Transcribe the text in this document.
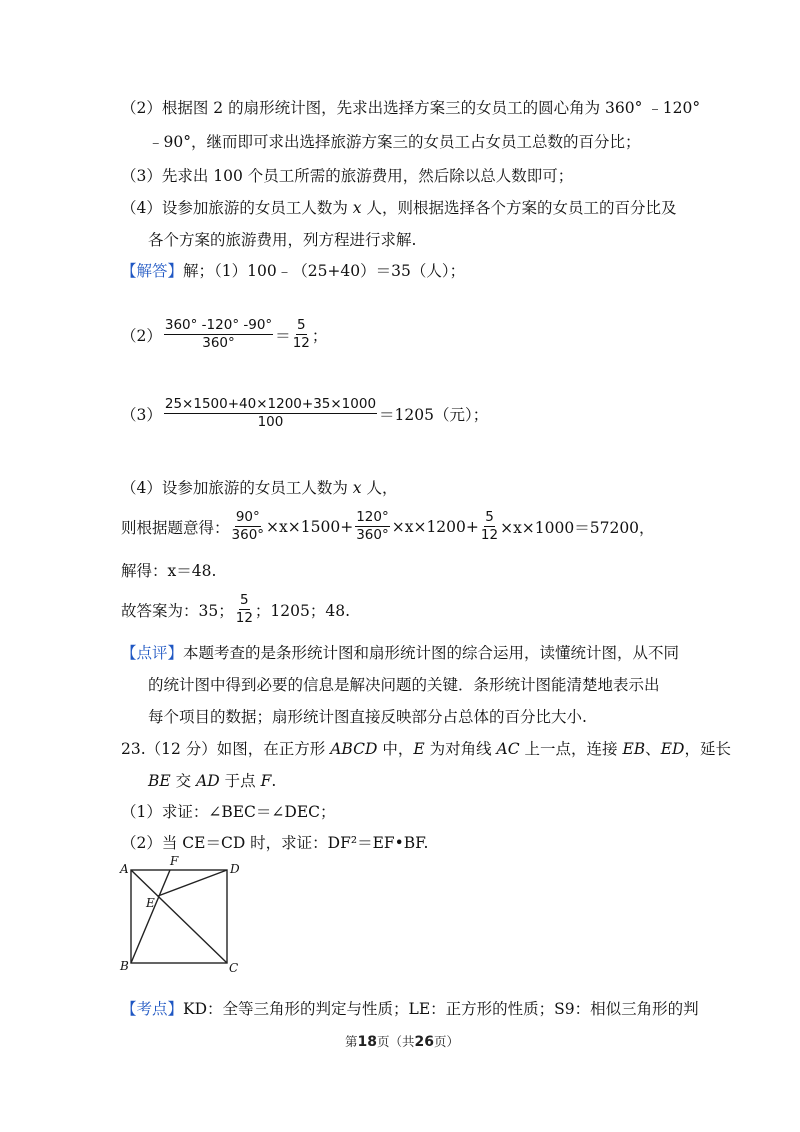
（2）根据图 2 的扇形统计图，先求出选择方案三的女员工的圆心角为 360° ﹣120°
﹣90°，继而即可求出选择旅游方案三的女员工占女员工总数的百分比；
（3）先求出 100 个员工所需的旅游费用，然后除以总人数即可；
（4）设参加旅游的女员工人数为 x 人，则根据选择各个方案的女员工的百分比及
各个方案的旅游费用，列方程进行求解.
【解答】解；（1）100﹣（25+40）＝35（人）；
$(2) \frac{360^\circ -120^\circ -90^\circ}{360^\circ} = \frac{5}{12}$ ；
$(3) \frac{25\times 1500+40\times 1200+35\times 1000}{100} =1205$（元）；
（4）设参加旅游的女员工人数为 x 人，
则根据题意得： $\frac{90^\circ}{360^\circ} \times x\times 1500+ \frac{120^\circ}{360^\circ} \times x\times 1200+ \frac{5}{12} \times x\times 1000=57200$，
解得：x＝48.
故答案为：35； $\frac{5}{12}$ ；1205；48.
【点评】本题考查的是条形统计图和扇形统计图的综合运用，读懂统计图，从不同
的统计图中得到必要的信息是解决问题的关键．条形统计图能清楚地表示出
每个项目的数据；扇形统计图直接反映部分占总体的百分比大小.
23.（12 分）如图，在正方形 ABCD 中，E 为对角线 AC 上一点，连接 EB、ED，延长
BE 交 AD 于点 F.
（1）求证：∠BEC＝∠DEC；
（2）当 CE＝CD 时，求证：DF²＝EF•BF.
A
B	C
D
E
F
【考点】KD：全等三角形的判定与性质；LE：正方形的性质；S9：相似三角形的判
第18页（共26页）
